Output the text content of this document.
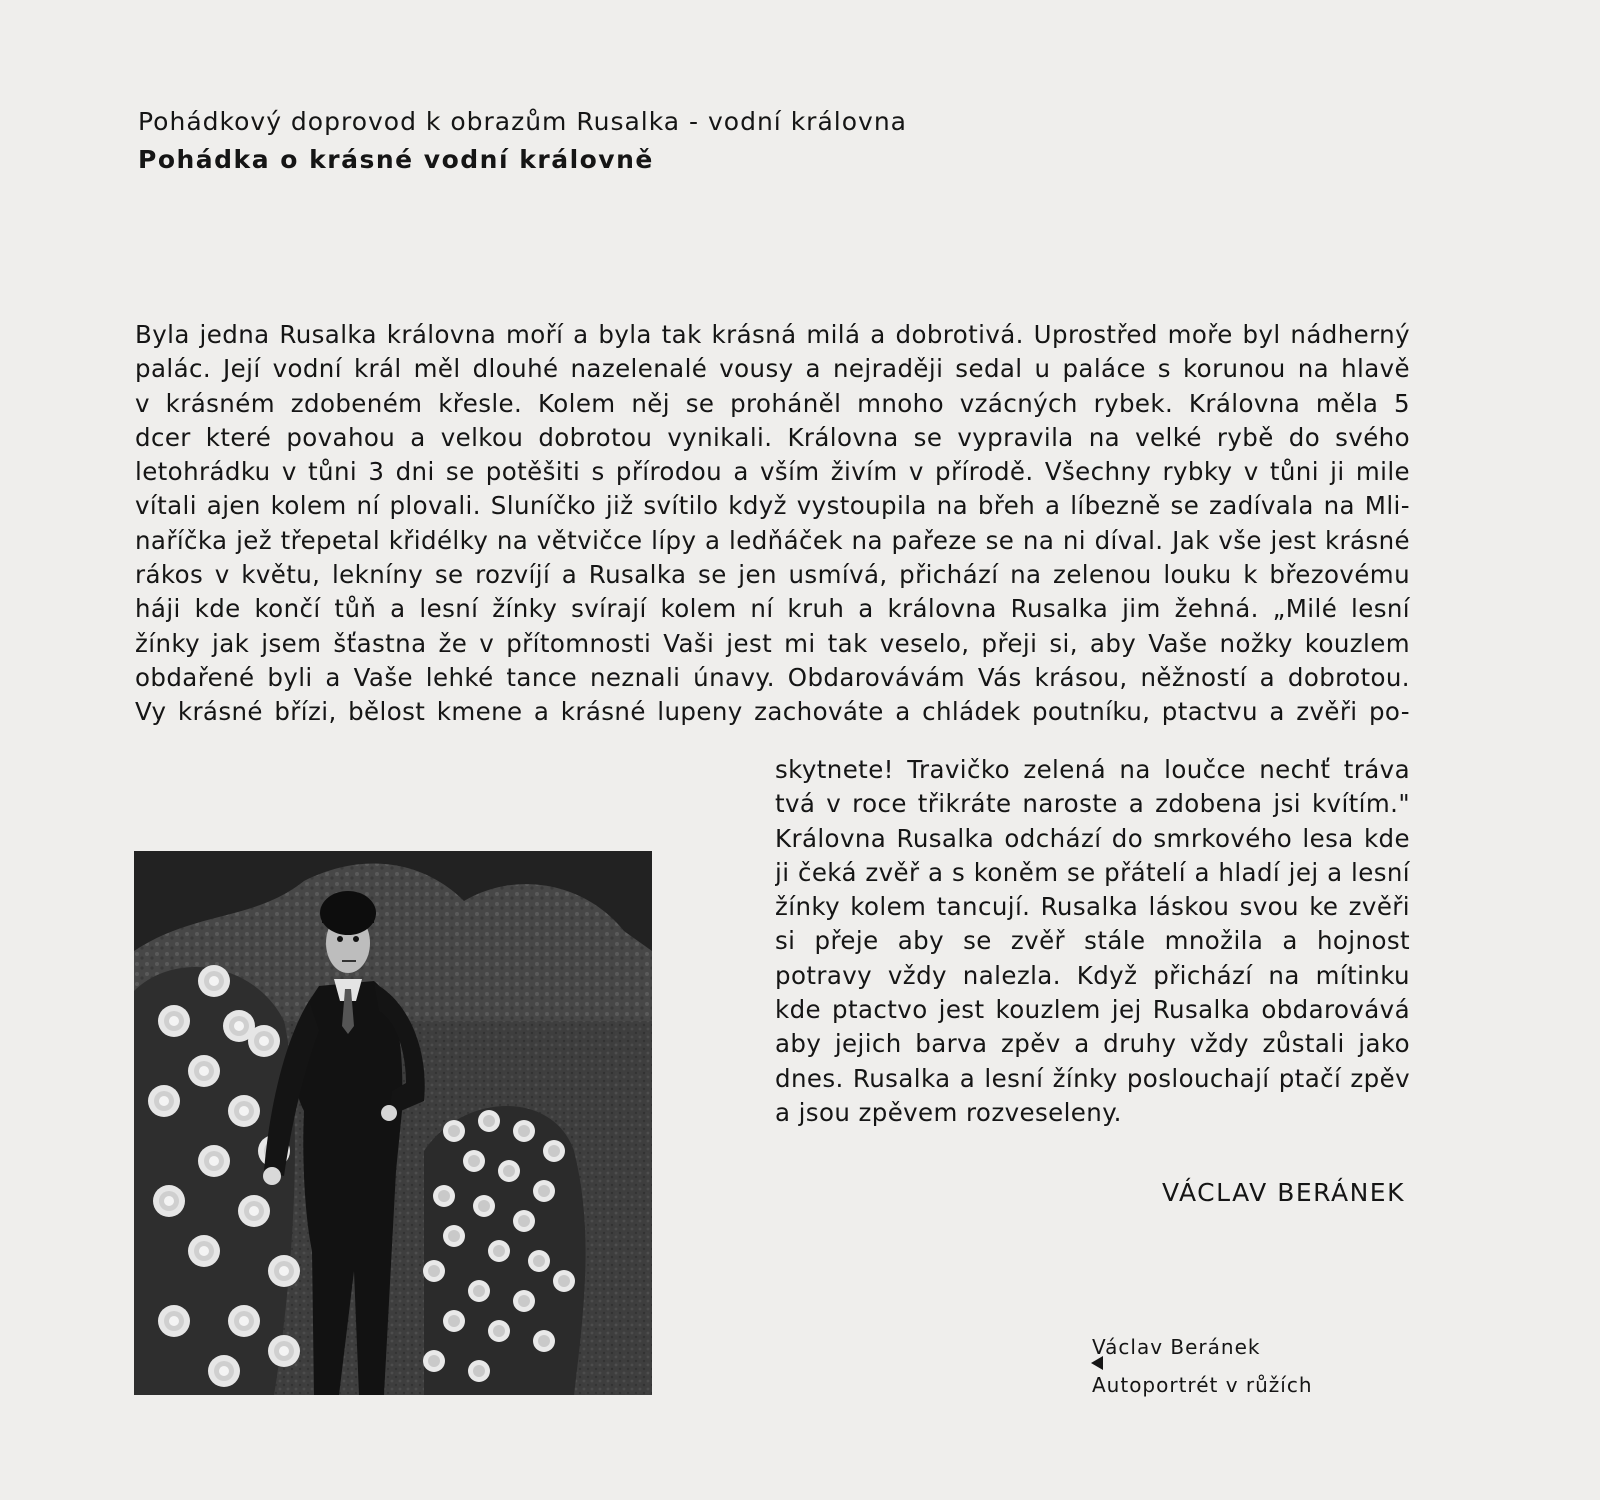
Pohádkový doprovod k obrazům Rusalka - vodní královna

Pohádka o krásné vodní královně

Byla jedna Rusalka královna moří a byla tak krásná milá a dobrotivá. Uprostřed moře byl nádherný
palác. Její vodní král měl dlouhé nazelenalé vousy a nejraději sedal u paláce s korunou na hlavě
v krásném zdobeném křesle. Kolem něj se proháněl mnoho vzácných rybek. Královna měla 5
dcer které povahou a velkou dobrotou vynikali. Královna se vypravila na velké rybě do svého
letohrádku v tůni 3 dni se potěšiti s přírodou a vším živím v přírodě. Všechny rybky v tůni ji mile
vítali ajen kolem ní plovali. Sluníčko již svítilo když vystoupila na břeh a líbezně se zadívala na Mli-
naříčka jež třepetal křidélky na větvičce lípy a ledňáček na pařeze se na ni díval. Jak vše jest krásné
rákos v květu, lekníny se rozvíjí a Rusalka se jen usmívá, přichází na zelenou louku k březovému
háji kde končí tůň a lesní žínky svírají kolem ní kruh a královna Rusalka jim žehná. „Milé lesní
žínky jak jsem šťastna že v přítomnosti Vaši jest mi tak veselo, přeji si, aby Vaše nožky kouzlem
obdařené byli a Vaše lehké tance neznali únavy. Obdarovávám Vás krásou, něžností a dobrotou.
Vy krásné břízi, bělost kmene a krásné lupeny zachováte a chládek poutníku, ptactvu a zvěři po-
skytnete! Travičko zelená na loučce nechť tráva
tvá v roce třikráte naroste a zdobena jsi kvítím."
Královna Rusalka odchází do smrkového lesa kde
ji čeká zvěř a s koněm se přátelí a hladí jej a lesní
žínky kolem tancují. Rusalka láskou svou ke zvěři
si přeje aby se zvěř stále množila a hojnost
potravy vždy nalezla. Když přichází na mítinku
kde ptactvo jest kouzlem jej Rusalka obdarovává
aby jejich barva zpěv a druhy vždy zůstali jako
dnes. Rusalka a lesní žínky poslouchají ptačí zpěv
a jsou zpěvem rozveseleny.
VÁCLAV BERÁNEK
Václav Beránek
Autoportrét v růžích
